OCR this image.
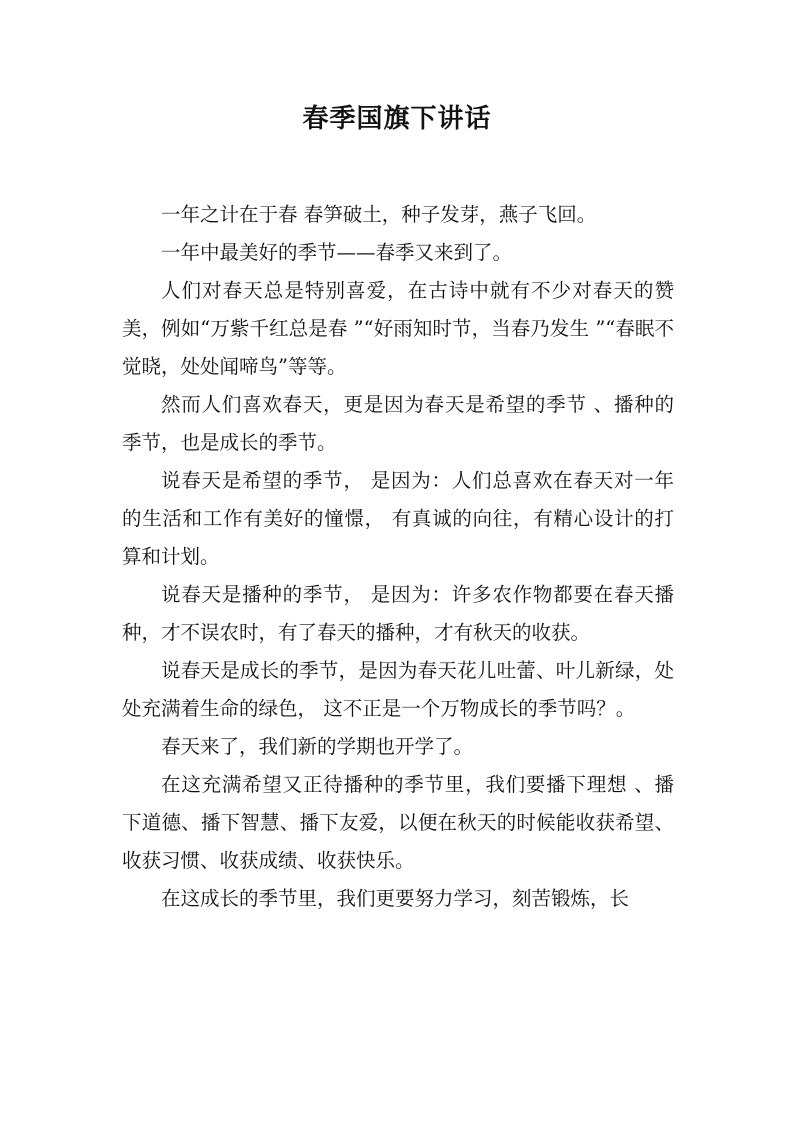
春季国旗下讲话

一年之计在于春 春笋破土，种子发芽，燕子飞回。

一年中最美好的季节——春季又来到了。

人们对春天总是特别喜爱，在古诗中就有不少对春天的赞美，例如“万紫千红总是春 ”“好雨知时节，当春乃发生 ”“春眠不觉晓，处处闻啼鸟”等等。

然而人们喜欢春天，更是因为春天是希望的季节 、播种的季节，也是成长的季节。

说春天是希望的季节， 是因为：人们总喜欢在春天对一年的生活和工作有美好的憧憬， 有真诚的向往，有精心设计的打算和计划。

说春天是播种的季节， 是因为：许多农作物都要在春天播种，才不误农时，有了春天的播种，才有秋天的收获。

说春天是成长的季节，是因为春天花儿吐蕾、叶儿新绿，处处充满着生命的绿色， 这不正是一个万物成长的季节吗？。

春天来了，我们新的学期也开学了。

在这充满希望又正待播种的季节里，我们要播下理想 、播下道德、播下智慧、播下友爱，以便在秋天的时候能收获希望、收获习惯、收获成绩、收获快乐。

在这成长的季节里，我们更要努力学习，刻苦锻炼，长
